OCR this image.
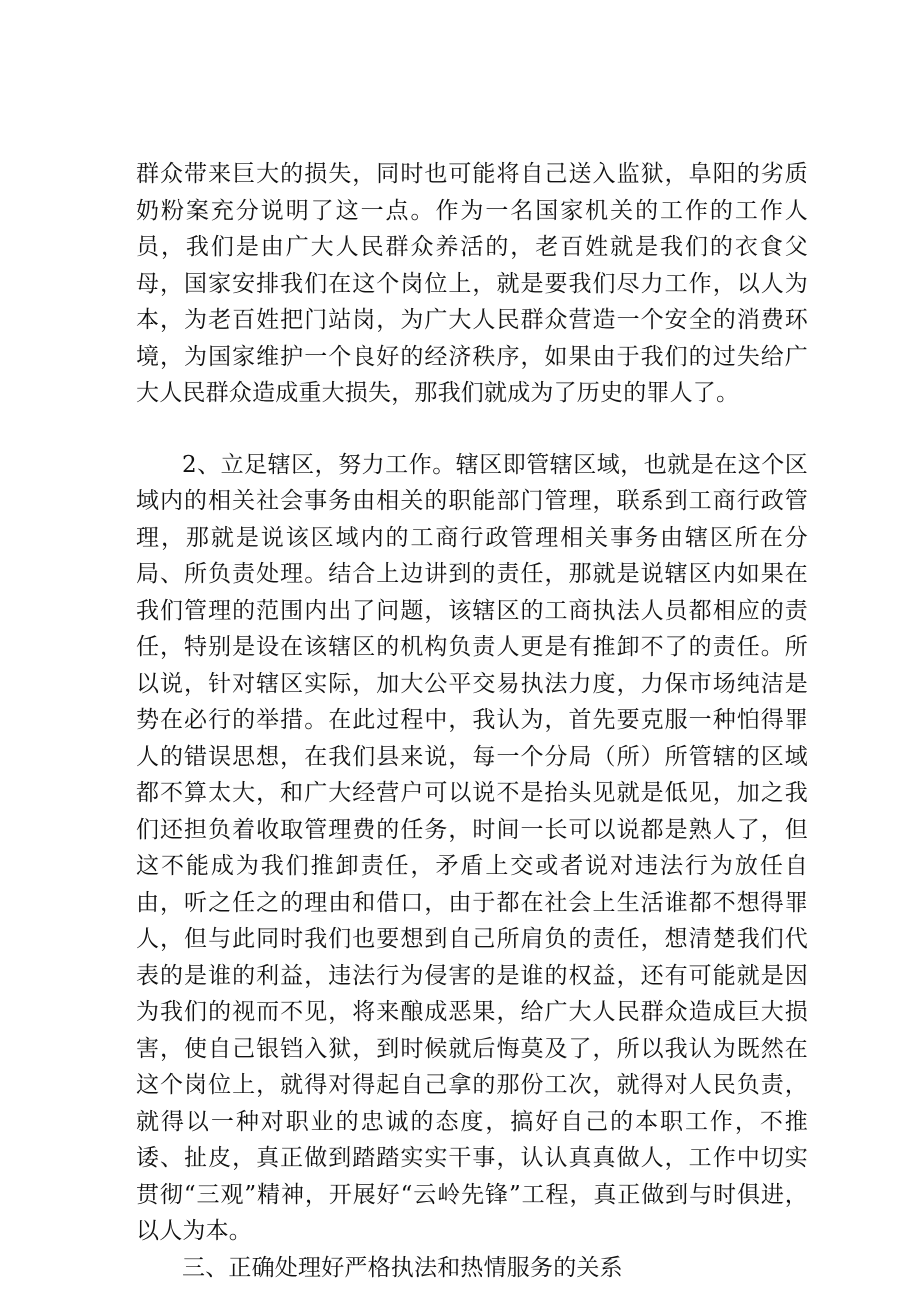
群众带来巨大的损失，同时也可能将自己送入监狱，阜阳的劣质奶粉案充分说明了这一点。作为一名国家机关的工作的工作人员，我们是由广大人民群众养活的，老百姓就是我们的衣食父母，国家安排我们在这个岗位上，就是要我们尽力工作，以人为本，为老百姓把门站岗，为广大人民群众营造一个安全的消费环境，为国家维护一个良好的经济秩序，如果由于我们的过失给广大人民群众造成重大损失，那我们就成为了历史的罪人了。

2、立足辖区，努力工作。辖区即管辖区域，也就是在这个区域内的相关社会事务由相关的职能部门管理，联系到工商行政管理，那就是说该区域内的工商行政管理相关事务由辖区所在分局、所负责处理。结合上边讲到的责任，那就是说辖区内如果在我们管理的范围内出了问题，该辖区的工商执法人员都相应的责任，特别是设在该辖区的机构负责人更是有推卸不了的责任。所以说，针对辖区实际，加大公平交易执法力度，力保市场纯洁是势在必行的举措。在此过程中，我认为，首先要克服一种怕得罪人的错误思想，在我们县来说，每一个分局（所）所管辖的区域都不算太大，和广大经营户可以说不是抬头见就是低见，加之我们还担负着收取管理费的任务，时间一长可以说都是熟人了，但这不能成为我们推卸责任，矛盾上交或者说对违法行为放任自由，听之任之的理由和借口，由于都在社会上生活谁都不想得罪人，但与此同时我们也要想到自己所肩负的责任，想清楚我们代表的是谁的利益，违法行为侵害的是谁的权益，还有可能就是因为我们的视而不见，将来酿成恶果，给广大人民群众造成巨大损害，使自己银铛入狱，到时候就后悔莫及了，所以我认为既然在这个岗位上，就得对得起自己拿的那份工次，就得对人民负责，就得以一种对职业的忠诚的态度，搞好自己的本职工作，不推诿、扯皮，真正做到踏踏实实干事，认认真真做人，工作中切实贯彻“三观”精神，开展好“云岭先锋”工程，真正做到与时俱进，以人为本。

三、正确处理好严格执法和热情服务的关系
